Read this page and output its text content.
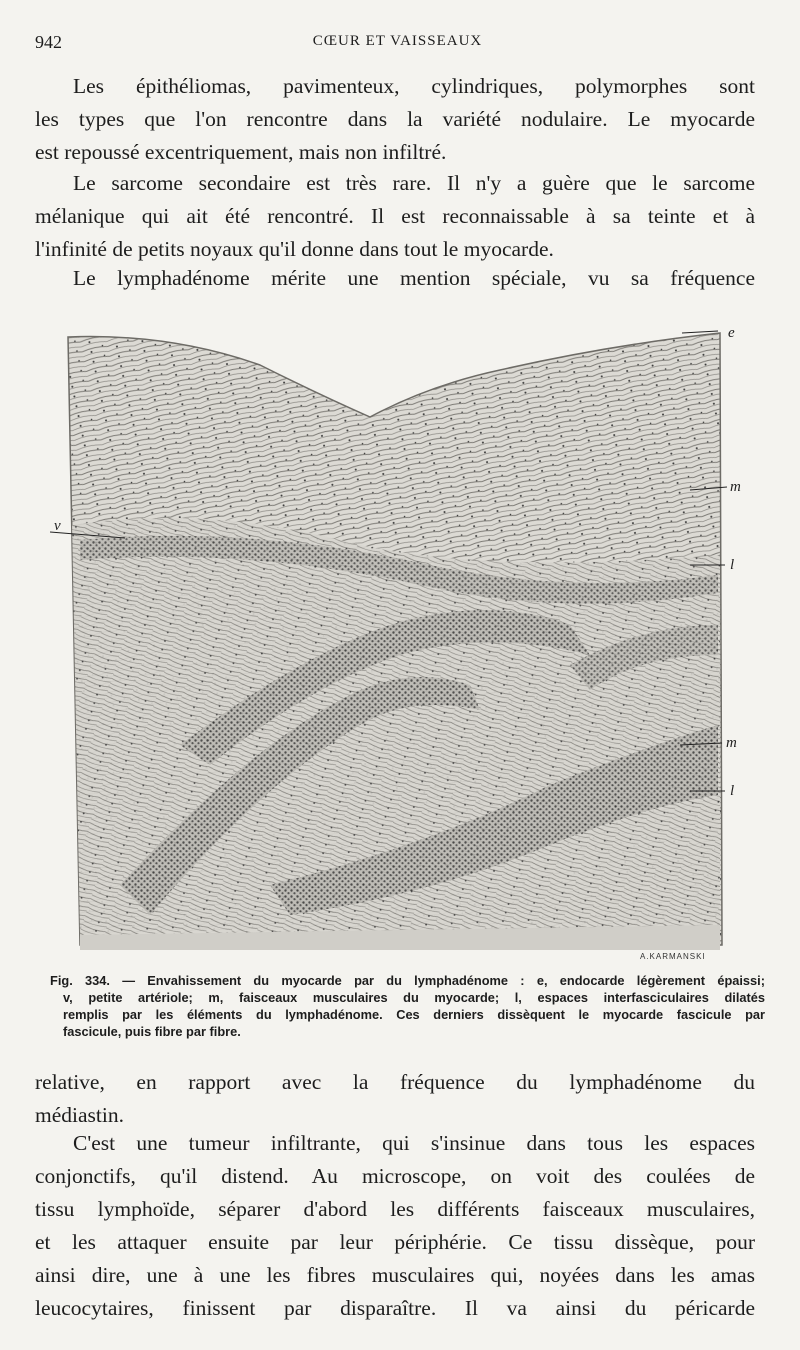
942	CŒUR ET VAISSEAUX
Les épithéliomas, pavimenteux, cylindriques, polymorphes sont
les types que l'on rencontre dans la variété nodulaire. Le myocarde
est repoussé excentriquement, mais non infiltré.
Le sarcome secondaire est très rare. Il n'y a guère que le sarcome
mélanique qui ait été rencontré. Il est reconnaissable à sa teinte et à
l'infinité de petits noyaux qu'il donne dans tout le myocarde.
Le lymphadénome mérite une mention spéciale, vu sa fréquence
e
v
m
l
m
l
A.KARMANSKI
Fig. 334. — Envahissement du myocarde par du lymphadénome : e, endocarde légèrement épaissi;
v, petite artériole; m, faisceaux musculaires du myocarde; l, espaces interfasciculaires dilatés
remplis par les éléments du lymphadénome. Ces derniers dissèquent le myocarde fascicule par
fascicule, puis fibre par fibre.
relative, en rapport avec la fréquence du lymphadénome du
médiastin.
C'est une tumeur infiltrante, qui s'insinue dans tous les espaces
conjonctifs, qu'il distend. Au microscope, on voit des coulées de
tissu lymphoïde, séparer d'abord les différents faisceaux musculaires,
et les attaquer ensuite par leur périphérie. Ce tissu dissèque, pour
ainsi dire, une à une les fibres musculaires qui, noyées dans les amas
leucocytaires, finissent par disparaître. Il va ainsi du péricarde
